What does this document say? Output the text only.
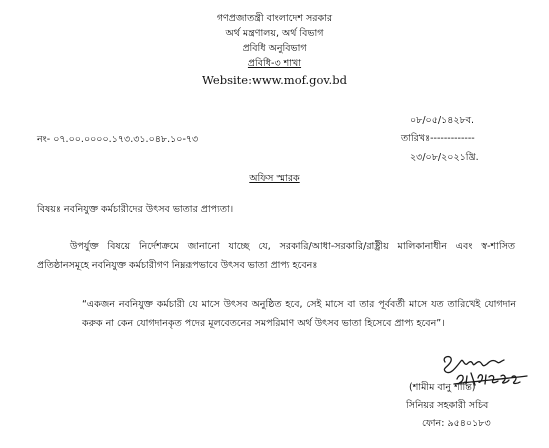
গণপ্রজাতন্ত্রী বাংলাদেশ সরকার
অর্থ মন্ত্রণালয়, অর্থ বিভাগ
প্রবিধি অনুবিভাগ
প্রবিধি-৩ শাখা
Website:www.mof.gov.bd
০৮/০৫/১৪২৮ব.
নং- ০৭.০০.০০০০.১৭৩.৩১.০৪৮.১০-৭৩	তারিখঃ-------------
২৩/০৮/২০২১খ্রি.
অফিস স্মারক
বিষয়ঃ নবনিযুক্ত কর্মচারীদের উৎসব ভাতার প্রাপ্যতা।
উপর্যুক্ত বিষয়ে নির্দেশক্রমে জানানো যাচ্ছে যে, সরকারি/আধা-সরকারি/রাষ্ট্রীয় মালিকানাধীন এবং স্ব-শাসিত প্রতিষ্ঠানসমূহে নবনিযুক্ত কর্মচারীগণ নিম্নরূপভাবে উৎসব ভাতা প্রাপ্য হবেনঃ
“একজন নবনিযুক্ত কর্মচারী যে মাসে উৎসব অনুষ্ঠিত হবে, সেই মাসে বা তার পূর্ববর্তী মাসে যত তারিখেই যোগদান করুক না কেন যোগদানকৃত পদের মূলবেতনের সমপরিমাণ অর্থ উৎসব ভাতা হিসেবে প্রাপ্য হবেন”।
(শামীম বানু শান্তি)
সিনিয়র সহকারী সচিব
ফোন: ৯৫৪০১৮৩
